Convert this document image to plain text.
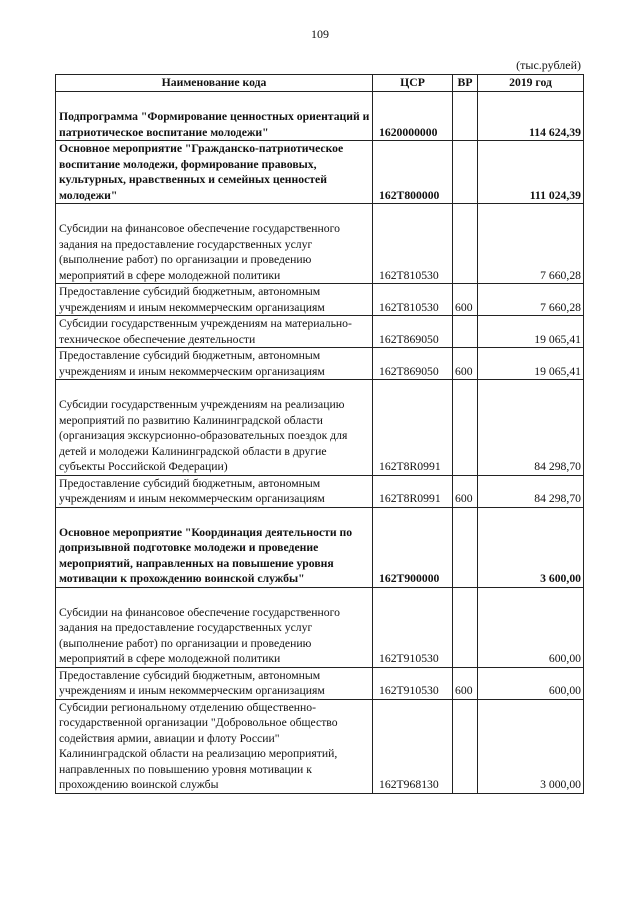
109
(тыс.рублей)
Наименование кода	ЦСР	ВР	2019 год
Подпрограмма "Формирование ценностных ориентаций и патриотическое воспитание молодежи"	1620000000		114 624,39
Основное мероприятие "Гражданско-патриотическое воспитание молодежи, формирование правовых, культурных, нравственных и семейных ценностей молодежи"	162Т800000		111 024,39
Субсидии на финансовое обеспечение государственного задания на предоставление государственных услуг (выполнение работ) по организации и проведению мероприятий в сфере молодежной политики	162Т810530		7 660,28
Предоставление субсидий бюджетным, автономным учреждениям и иным некоммерческим организациям	162Т810530	600	7 660,28
Субсидии государственным учреждениям на материально-техническое обеспечение деятельности	162Т869050		19 065,41
Предоставление субсидий бюджетным, автономным учреждениям и иным некоммерческим организациям	162Т869050	600	19 065,41
Субсидии государственным учреждениям на реализацию мероприятий по развитию Калининградской области (организация экскурсионно-образовательных поездок для детей и молодежи Калининградской области в другие субъекты Российской Федерации)	162Т8R0991		84 298,70
Предоставление субсидий бюджетным, автономным учреждениям и иным некоммерческим организациям	162Т8R0991	600	84 298,70
Основное мероприятие "Координация деятельности по допризывной подготовке молодежи и проведение мероприятий, направленных на повышение уровня мотивации к прохождению воинской службы"	162Т900000		3 600,00
Субсидии на финансовое обеспечение государственного задания на предоставление государственных услуг (выполнение работ) по организации и проведению мероприятий в сфере молодежной политики	162Т910530		600,00
Предоставление субсидий бюджетным, автономным учреждениям и иным некоммерческим организациям	162Т910530	600	600,00
Субсидии региональному отделению общественно-государственной организации "Добровольное общество содействия армии, авиации и флоту России" Калининградской области на реализацию мероприятий, направленных по повышению уровня мотивации к прохождению воинской службы	162Т968130		3 000,00
